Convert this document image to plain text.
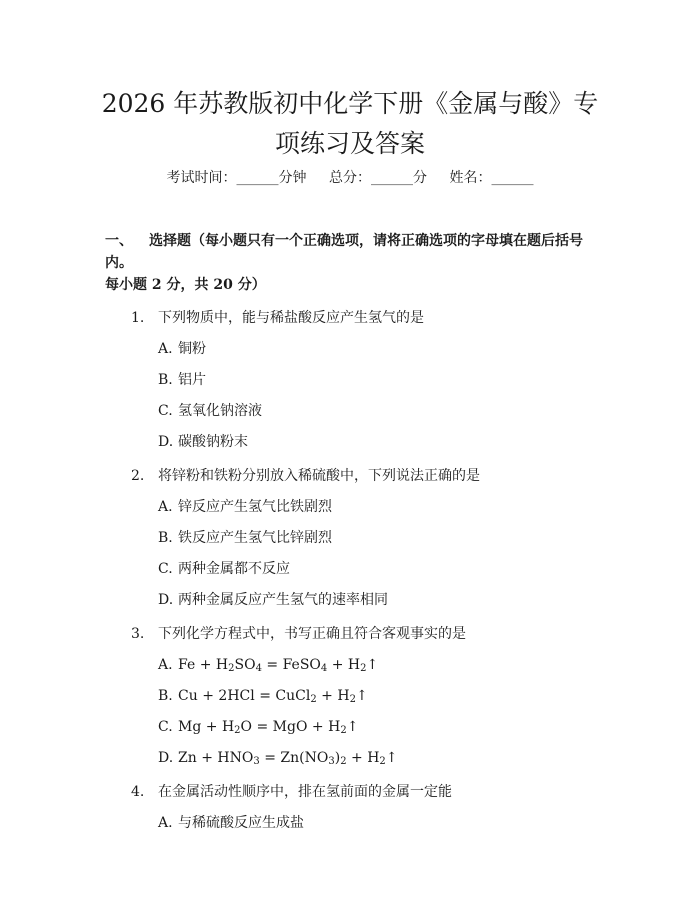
2026 年苏教版初中化学下册《金属与酸》专
项练习及答案
考试时间：______分钟 总分：______分 姓名：______
一、 选择题（每小题只有一个正确选项，请将正确选项的字母填在题后括号内。
每小题 2 分，共 20 分）
1. 下列物质中，能与稀盐酸反应产生氢气的是
A. 铜粉
B. 铝片
C. 氢氧化钠溶液
D. 碳酸钠粉末
2. 将锌粉和铁粉分别放入稀硫酸中，下列说法正确的是
A. 锌反应产生氢气比铁剧烈
B. 铁反应产生氢气比锌剧烈
C. 两种金属都不反应
D. 两种金属反应产生氢气的速率相同
3. 下列化学方程式中，书写正确且符合客观事实的是
A. $Fe + H_2SO_4$ = FeSO$_4$ + $H_2↑$
B. Cu + 2HCl = CuCl$_2$ + $H_2↑$
C. $Mg + H_2O$ = MgO + $H_2↑$
D. $Zn + HNO_3 = Zn(NO_3)_2$ + $H_2↑$
4. 在金属活动性顺序中，排在氢前面的金属一定能
A. 与稀硫酸反应生成盐
